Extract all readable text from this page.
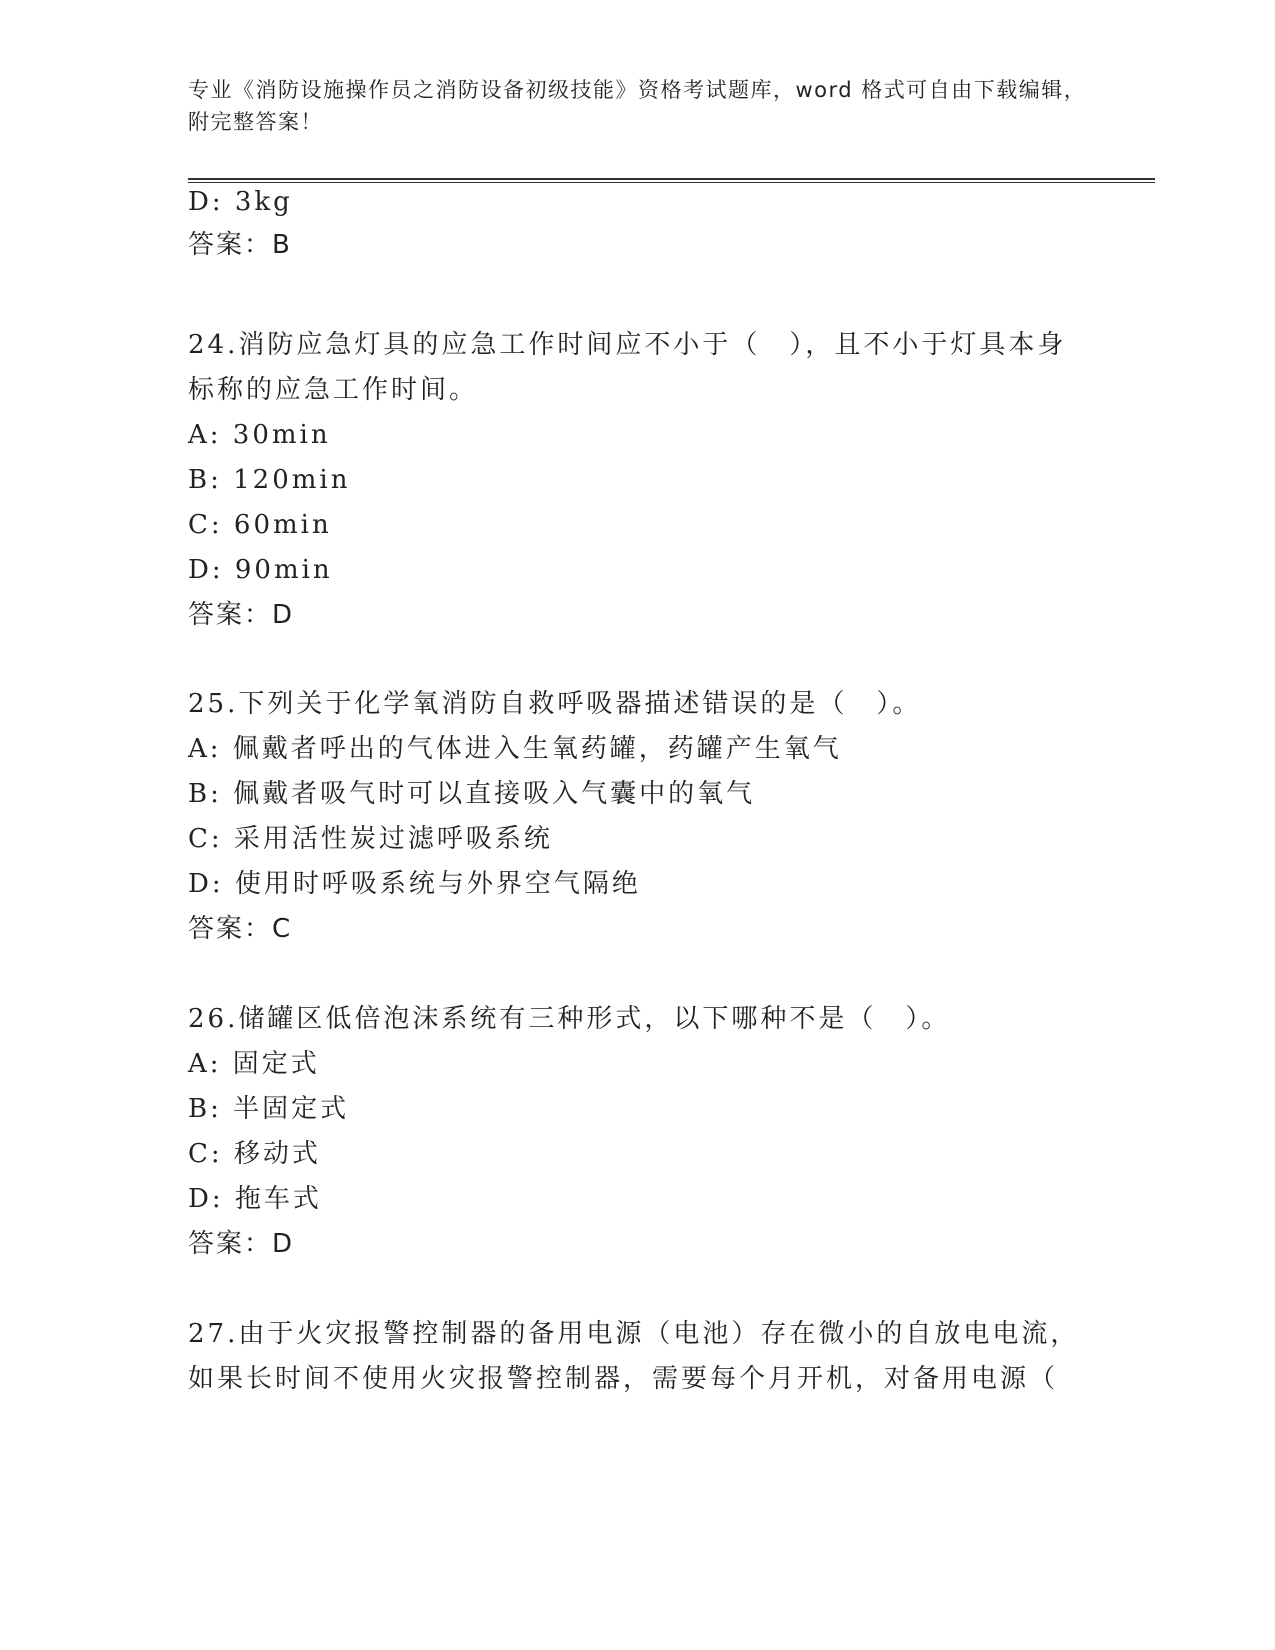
专业《消防设施操作员之消防设备初级技能》资格考试题库，word 格式可自由下载编辑，附完整答案！
D: 3kg
答案：B
24.消防应急灯具的应急工作时间应不小于（　），且不小于灯具本身
标称的应急工作时间。
A: 30min
B: 120min
C: 60min
D: 90min
答案：D
25.下列关于化学氧消防自救呼吸器描述错误的是（　）。
A: 佩戴者呼出的气体进入生氧药罐，药罐产生氧气
B: 佩戴者吸气时可以直接吸入气囊中的氧气
C: 采用活性炭过滤呼吸系统
D: 使用时呼吸系统与外界空气隔绝
答案：C
26.储罐区低倍泡沫系统有三种形式，以下哪种不是（　）。
A: 固定式
B: 半固定式
C: 移动式
D: 拖车式
答案：D
27.由于火灾报警控制器的备用电源（电池）存在微小的自放电电流，
如果长时间不使用火灾报警控制器，需要每个月开机，对备用电源（
